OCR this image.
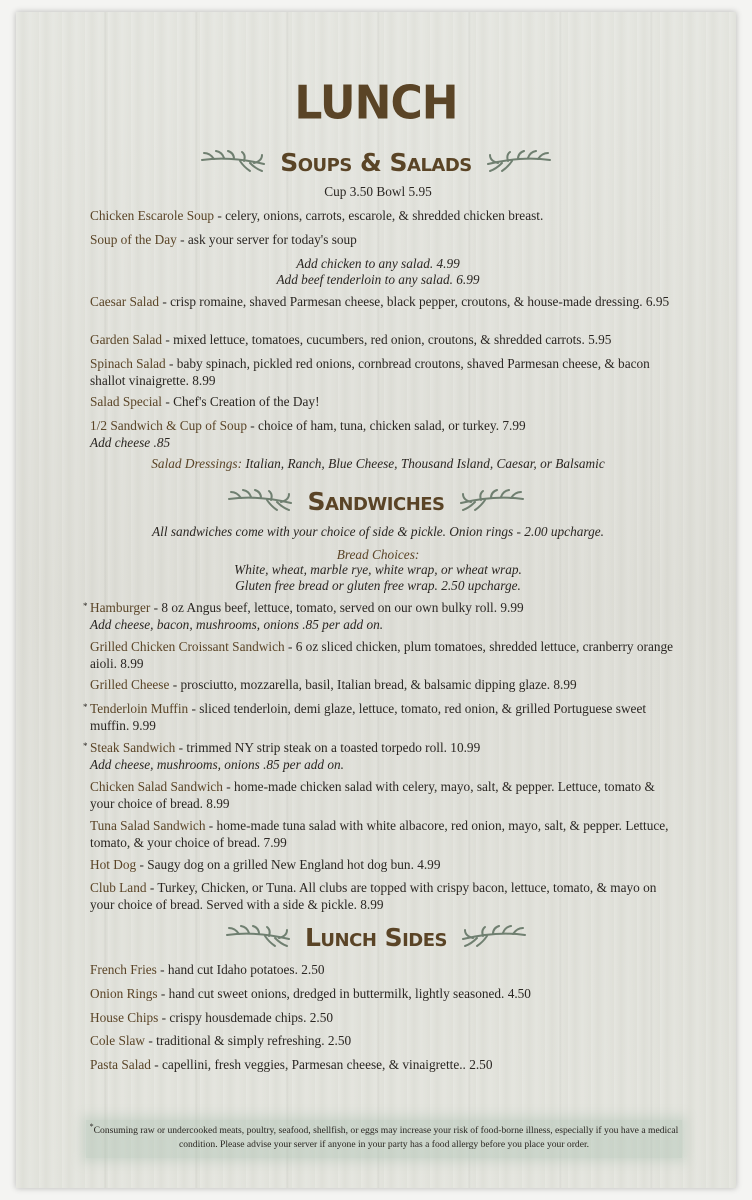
LUNCH
Soups & Salads
Cup 3.50 Bowl 5.95
Chicken Escarole Soup - celery, onions, carrots, escarole, & shredded chicken breast.
Soup of the Day - ask your server for today's soup
Add chicken to any salad. 4.99
Add beef tenderloin to any salad. 6.99
Caesar Salad - crisp romaine, shaved Parmesan cheese, black pepper, croutons, & house-made dressing. 6.95
Garden Salad - mixed lettuce, tomatoes, cucumbers, red onion, croutons, & shredded carrots. 5.95
Spinach Salad - baby spinach, pickled red onions, cornbread croutons, shaved Parmesan cheese, & bacon shallot vinaigrette. 8.99
Salad Special - Chef's Creation of the Day!
1/2 Sandwich & Cup of Soup - choice of ham, tuna, chicken salad, or turkey. 7.99
Add cheese .85
Salad Dressings: Italian, Ranch, Blue Cheese, Thousand Island, Caesar, or Balsamic
Sandwiches
All sandwiches come with your choice of side & pickle. Onion rings - 2.00 upcharge.
Bread Choices:
White, wheat, marble rye, white wrap, or wheat wrap.
Gluten free bread or gluten free wrap. 2.50 upcharge.
* Hamburger - 8 oz Angus beef, lettuce, tomato, served on our own bulky roll. 9.99
Add cheese, bacon, mushrooms, onions .85 per add on.
Grilled Chicken Croissant Sandwich - 6 oz sliced chicken, plum tomatoes, shredded lettuce, cranberry orange aioli. 8.99
Grilled Cheese - prosciutto, mozzarella, basil, Italian bread, & balsamic dipping glaze. 8.99
* Tenderloin Muffin - sliced tenderloin, demi glaze, lettuce, tomato, red onion, & grilled Portuguese sweet muffin. 9.99
* Steak Sandwich - trimmed NY strip steak on a toasted torpedo roll. 10.99
Add cheese, mushrooms, onions .85 per add on.
Chicken Salad Sandwich - home-made chicken salad with celery, mayo, salt, & pepper. Lettuce, tomato & your choice of bread. 8.99
Tuna Salad Sandwich - home-made tuna salad with white albacore, red onion, mayo, salt, & pepper. Lettuce, tomato, & your choice of bread. 7.99
Hot Dog - Saugy dog on a grilled New England hot dog bun. 4.99
Club Land - Turkey, Chicken, or Tuna. All clubs are topped with crispy bacon, lettuce, tomato, & mayo on your choice of bread. Served with a side & pickle. 8.99
Lunch Sides
French Fries - hand cut Idaho potatoes. 2.50
Onion Rings - hand cut sweet onions, dredged in buttermilk, lightly seasoned. 4.50
House Chips - crispy housdemade chips. 2.50
Cole Slaw - traditional & simply refreshing. 2.50
Pasta Salad - capellini, fresh veggies, Parmesan cheese, & vinaigrette.. 2.50
*Consuming raw or undercooked meats, poultry, seafood, shellfish, or eggs may increase your risk of food-borne illness, especially if you have a medical condition. Please advise your server if anyone in your party has a food allergy before you place your order.
